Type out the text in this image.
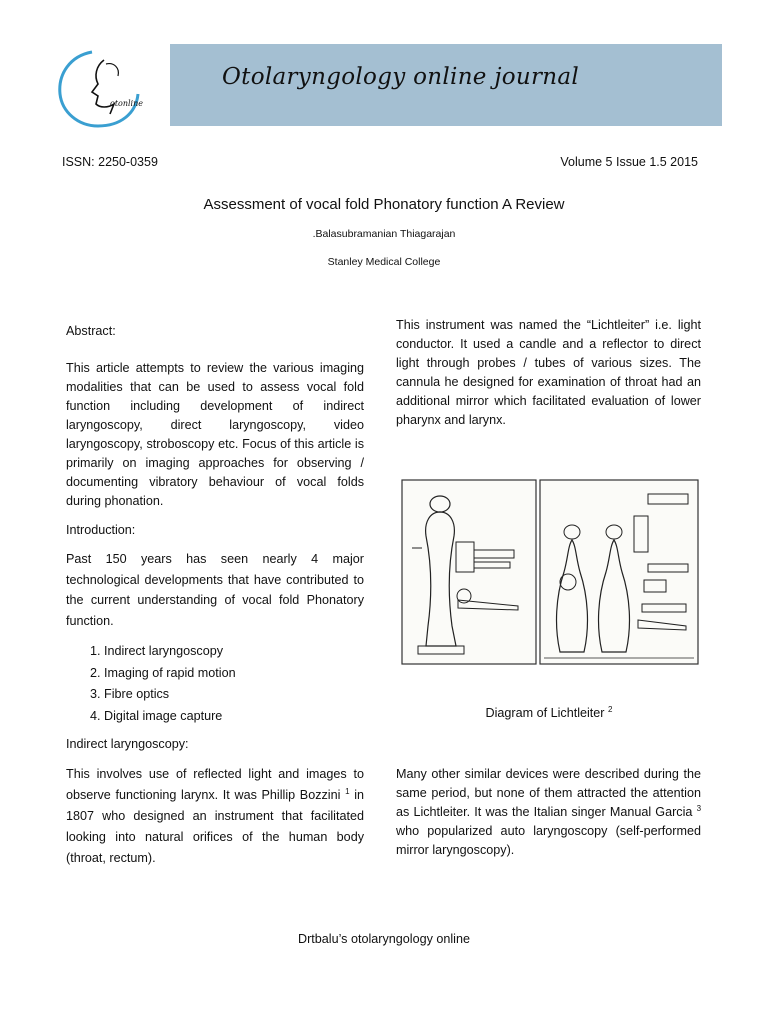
otonline
Otolaryngology online journal
ISSN: 2250-0359	Volume 5 Issue 1.5 2015
Assessment of vocal fold Phonatory function A Review
.Balasubramanian Thiagarajan
Stanley Medical College

Abstract:

This article attempts to review the various imaging modalities that can be used to assess vocal fold function including development of indirect laryngoscopy, direct laryngoscopy, video laryngoscopy, stroboscopy etc. Focus of this article is primarily on imaging approaches for observing / documenting vibratory behaviour of vocal folds during phonation.

Introduction:

Past 150 years has seen nearly 4 major technological developments that have contributed to the current understanding of vocal fold Phonatory function.

1. Indirect laryngoscopy
2. Imaging of rapid motion
3. Fibre optics
4. Digital image capture

Indirect laryngoscopy:

This involves use of reflected light and images to observe functioning larynx. It was Phillip Bozzini $^1$ in 1807 who designed an instrument that facilitated looking into natural orifices of the human body (throat, rectum).

This instrument was named the “Lichtleiter” i.e. light conductor. It used a candle and a reflector to direct light through probes / tubes of various sizes. The cannula he designed for examination of throat had an additional mirror which facilitated evaluation of lower pharynx and larynx.

Diagram of Lichtleiter $^2$

Many other similar devices were described during the same period, but none of them attracted the attention as Lichtleiter. It was the Italian singer Manual Garcia $^3$ who popularized auto laryngoscopy (self-performed mirror laryngoscopy).

Drtbalu’s otolaryngology online
